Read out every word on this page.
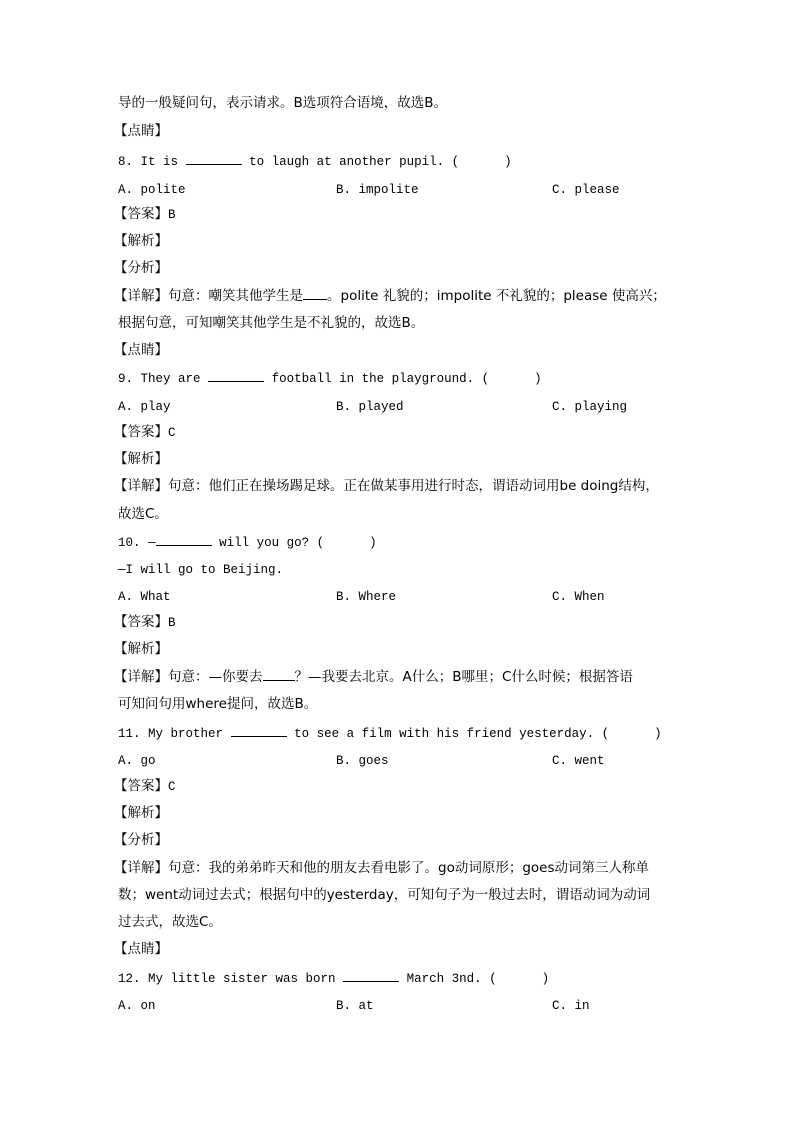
导的一般疑问句，表示请求。B选项符合语境，故选B。
【点睛】
8. It is	to laugh at another pupil. (      )
A. polite	B. impolite	C. please
【答案】B
【解析】
【分析】
【详解】句意：嘲笑其他学生是 。polite 礼貌的；impolite 不礼貌的；please 使高兴；
根据句意，可知嘲笑其他学生是不礼貌的，故选B。
【点睛】
9. They are	football in the playground. (      )
A. play	B. played	C. playing
【答案】C
【解析】
【详解】句意：他们正在操场踢足球。正在做某事用进行时态，谓语动词用be doing结构，
故选C。
10. —	will you go? (      )
—I will go to Beijing.
A. What	B. Where	C. When
【答案】B
【解析】
【详解】句意：—你要去 ？—我要去北京。A什么；B哪里；C什么时候；根据答语
可知问句用where提问，故选B。
11. My brother	to see a film with his friend yesterday. (      )
A. go	B. goes	C. went
【答案】C
【解析】
【分析】
【详解】句意：我的弟弟昨天和他的朋友去看电影了。go动词原形；goes动词第三人称单
数；went动词过去式；根据句中的yesterday，可知句子为一般过去时，谓语动词为动词
过去式，故选C。
【点睛】
12. My little sister was born	March 3nd. (      )
A. on	B. at	C. in
